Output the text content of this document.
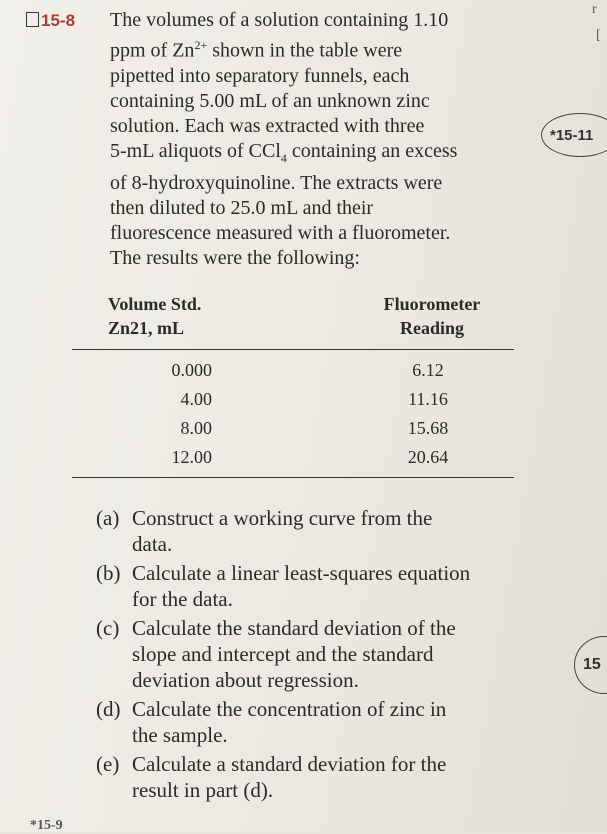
15-8	The volumes of a solution containing 1.10
ppm of $Zn^{2+}$ shown in the table were
pipetted into separatory funnels, each
containing 5.00 mL of an unknown zinc
solution. Each was extracted with three
5-mL aliquots of CCl$_4$ containing an excess
of 8-hydroxyquinoline. The extracts were
then diluted to 25.0 mL and their
fluorescence measured with a fluorometer.
The results were the following:
r
[
*15-11
Volume Std.
Zn21, mL
Fluorometer
Reading
0.000	6.12
4.00	11.16
8.00	15.68
12.00	20.64
(a) Construct a working curve from the
data.
(b) Calculate a linear least-squares equation
for the data.
(c) Calculate the standard deviation of the
slope and intercept and the standard
deviation about regression.
(d) Calculate the concentration of zinc in
the sample.
(e) Calculate a standard deviation for the
result in part (d).
15
*15-9
